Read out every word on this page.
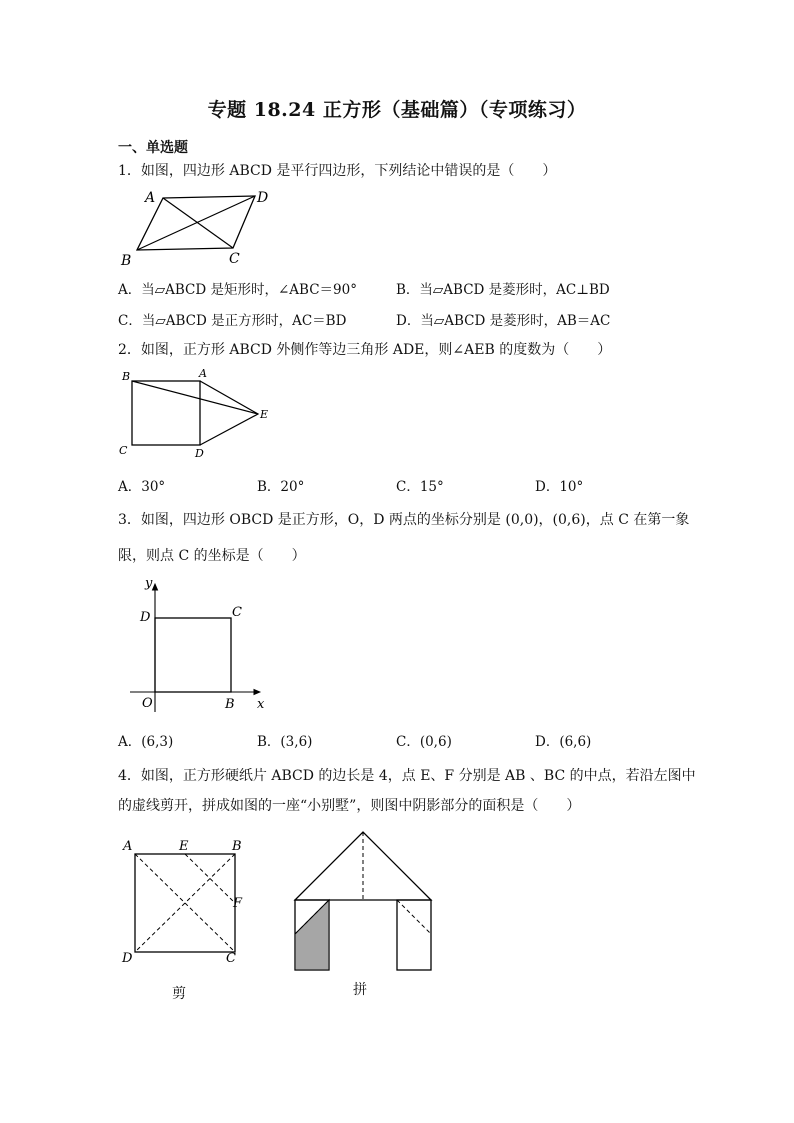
专题 18.24 正方形（基础篇）（专项练习）
一、单选题
1．如图，四边形 ABCD 是平行四边形，下列结论中错误的是（　　）
A	D
B	C
A．当▱ABCD 是矩形时，∠ABC＝90°	B．当▱ABCD 是菱形时，AC⊥BD
C．当▱ABCD 是正方形时，AC＝BD	D．当▱ABCD 是菱形时，AB＝AC
2．如图，正方形 ABCD 外侧作等边三角形 ADE，则∠AEB 的度数为（　　）
B	A
E
C	D
A．30°	B．20°	C．15°	D．10°
3．如图，四边形 OBCD 是正方形，O，D 两点的坐标分别是 (0,0)，(0,6)，点 C 在第一象
限，则点 C 的坐标是（　　）
y
D	C
O	B x
A．(6,3)	B．(3,6)	C．(0,6)	D．(6,6)
4．如图，正方形硬纸片 ABCD 的边长是 4，点 E、F 分别是 AB 、BC 的中点，若沿左图中
的虚线剪开，拼成如图的一座“小别墅”，则图中阴影部分的面积是（　　）
A	E	B
F
D	C
剪	拼
